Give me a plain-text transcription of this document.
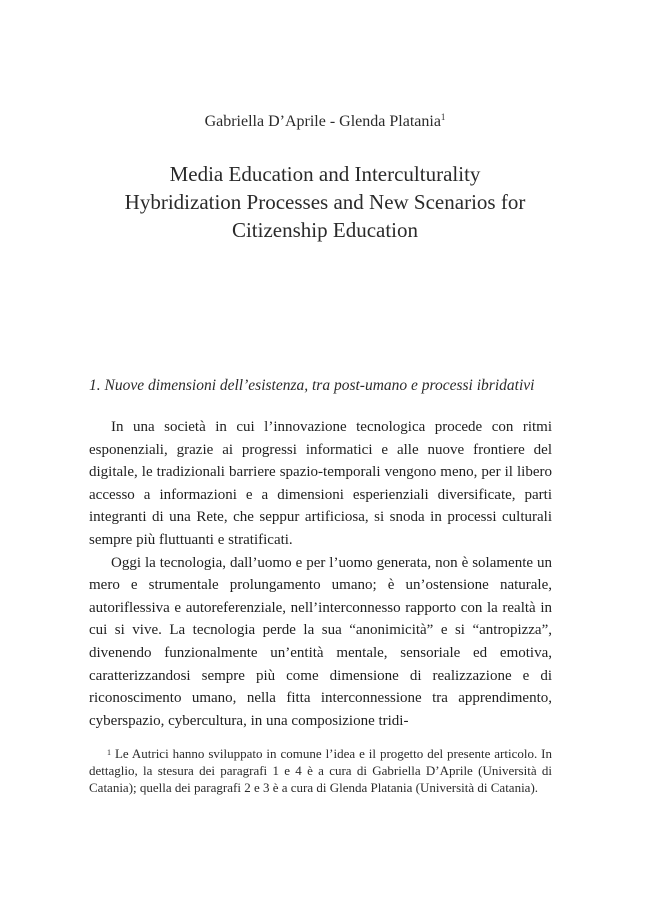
Gabriella D’Aprile - Glenda Platania$^1$
Media Education and Interculturality
Hybridization Processes and New Scenarios for
Citizenship Education
1. Nuove dimensioni dell’esistenza, tra post-umano e processi ibridativi

In una società in cui l’innovazione tecnologica procede con ritmi esponenziali, grazie ai progressi informatici e alle nuove frontiere del digitale, le tradizionali barriere spazio-temporali vengono meno, per il libero accesso a informazioni e a dimensioni esperienziali diversificate, parti integranti di una Rete, che seppur artificiosa, si snoda in processi culturali sempre più fluttuanti e stratificati.

Oggi la tecnologia, dall’uomo e per l’uomo generata, non è solamente un mero e strumentale prolungamento umano; è un’ostensione naturale, autoriflessiva e autoreferenziale, nell’interconnesso rapporto con la realtà in cui si vive. La tecnologia perde la sua “anonimicità” e si “antropizza”, divenendo funzionalmente un’entità mentale, sensoriale ed emotiva, caratterizzandosi sempre più come dimensione di realizzazione e di riconoscimento umano, nella fitta interconnessione tra apprendimento, cyberspazio, cybercultura, in una composizione tridi-

$^1$ Le Autrici hanno sviluppato in comune l’idea e il progetto del presente articolo. In dettaglio, la stesura dei paragrafi 1 e 4 è a cura di Gabriella D’Aprile (Università di Catania); quella dei paragrafi 2 e 3 è a cura di Glenda Platania (Università di Catania).
